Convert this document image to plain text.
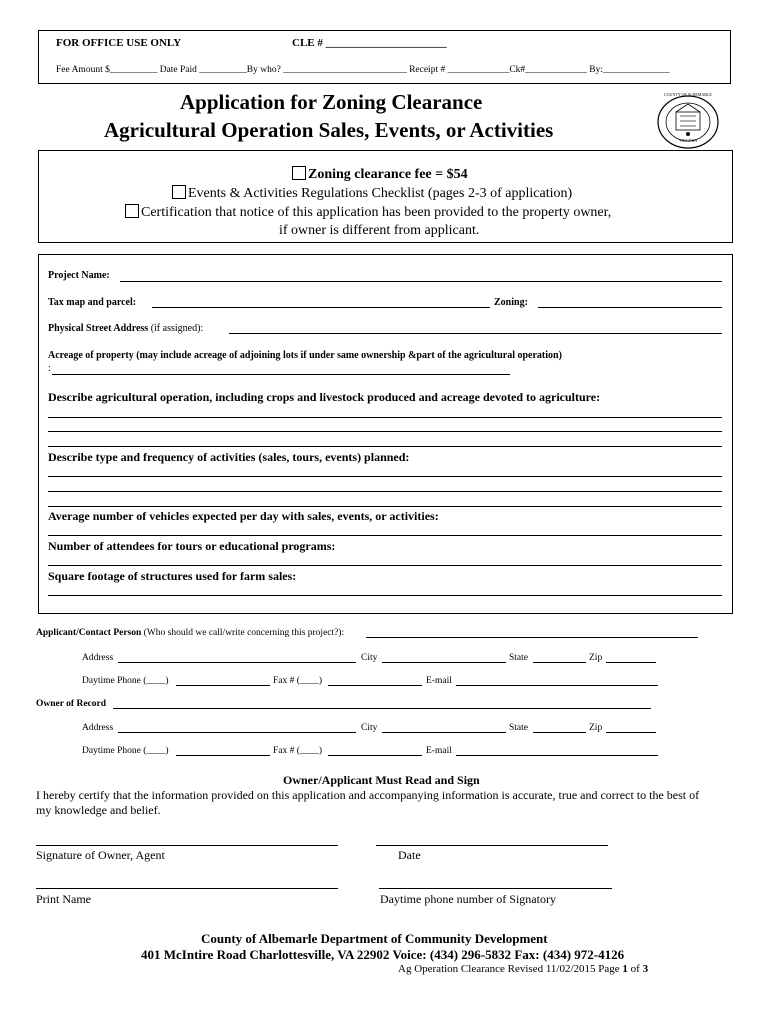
FOR OFFICE USE ONLY	CLE # ______________________
Fee Amount $__________ Date Paid __________By who? __________________________ Receipt # _____________Ck#_____________ By:______________
Application for Zoning Clearance
Agricultural Operation Sales, Events, or Activities
COUNTY OF ALBEMARLE
VIRGINIA
Zoning clearance fee = $54
Events & Activities Regulations Checklist (pages 2-3 of application)
Certification that notice of this application has been provided to the property owner,
if owner is different from applicant.
Project Name:
Tax map and parcel:	Zoning:
Physical Street Address (if assigned):
Acreage of property (may include acreage of adjoining lots if under same ownership &part of the agricultural operation)
:
Describe agricultural operation, including crops and livestock produced and acreage devoted to agriculture:
Describe type and frequency of activities (sales, tours, events) planned:
Average number of vehicles expected per day with sales, events, or activities:
Number of attendees for tours or educational programs:
Square footage of structures used for farm sales:
Applicant/Contact Person (Who should we call/write concerning this project?):
Address	City	State	Zip
Daytime Phone (____)	Fax # (____)	E-mail
Owner of Record
Address	City	State	Zip
Daytime Phone (____)	Fax # (____)	E-mail
Owner/Applicant Must Read and Sign
I hereby certify that the information provided on this application and accompanying information is accurate, true and correct to the best of
my knowledge and belief.
Signature of Owner, Agent	Date
Print Name	Daytime phone number of Signatory
County of Albemarle Department of Community Development
401 McIntire Road Charlottesville, VA 22902 Voice: (434) 296-5832 Fax: (434) 972-4126
Ag Operation Clearance Revised 11/02/2015 Page 1 of 3
